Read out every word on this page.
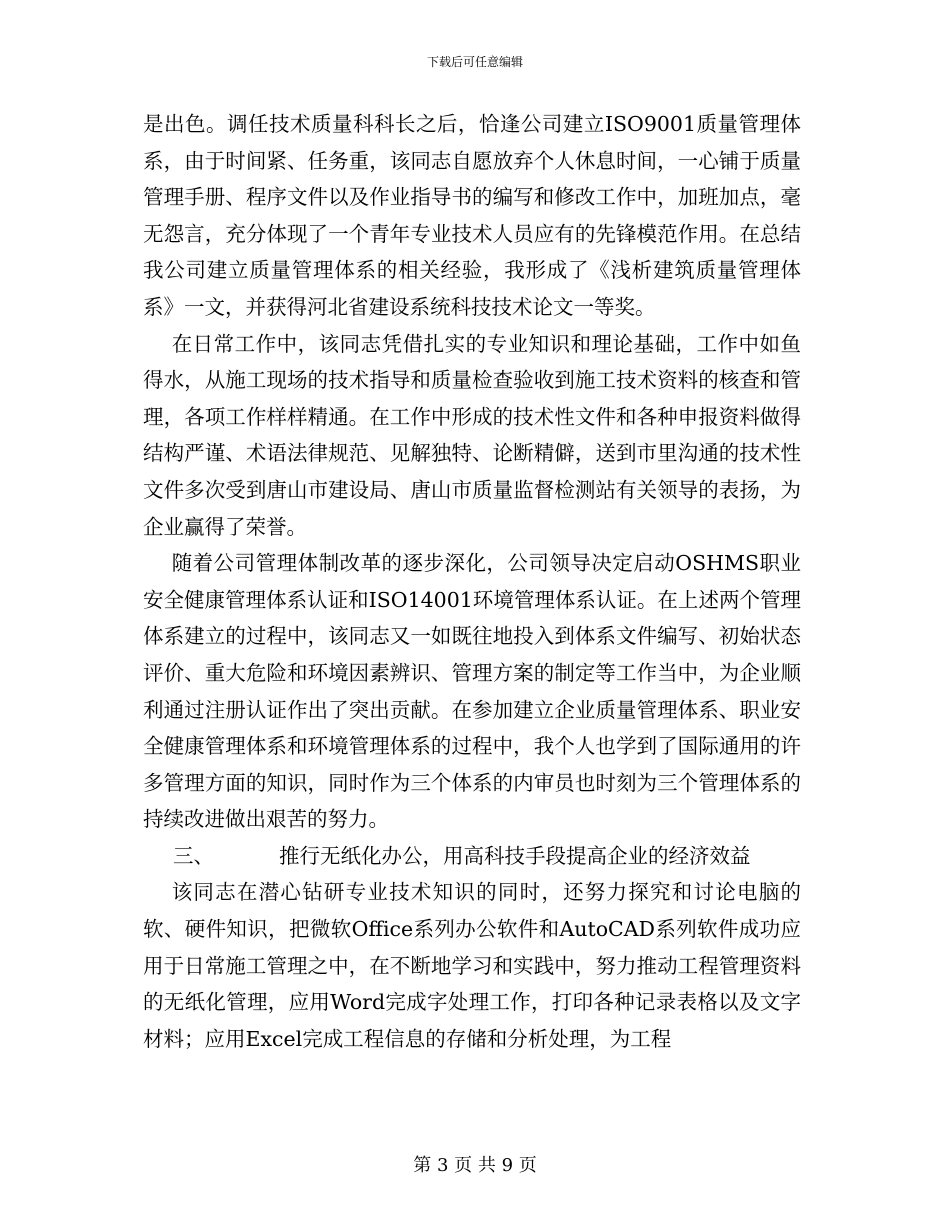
下载后可任意编辑

是出色。调任技术质量科科长之后，恰逢公司建立ISO9001质量管理体系，由于时间紧、任务重，该同志自愿放弃个人休息时间，一心铺于质量管理手册、程序文件以及作业指导书的编写和修改工作中，加班加点，毫无怨言，充分体现了一个青年专业技术人员应有的先锋模范作用。在总结我公司建立质量管理体系的相关经验，我形成了《浅析建筑质量管理体系》一文，并获得河北省建设系统科技技术论文一等奖。

在日常工作中，该同志凭借扎实的专业知识和理论基础，工作中如鱼得水，从施工现场的技术指导和质量检查验收到施工技术资料的核查和管理，各项工作样样精通。在工作中形成的技术性文件和各种申报资料做得结构严谨、术语法律规范、见解独特、论断精僻，送到市里沟通的技术性文件多次受到唐山市建设局、唐山市质量监督检测站有关领导的表扬，为企业赢得了荣誉。

随着公司管理体制改革的逐步深化，公司领导决定启动OSHMS职业安全健康管理体系认证和ISO14001环境管理体系认证。在上述两个管理体系建立的过程中，该同志又一如既往地投入到体系文件编写、初始状态评价、重大危险和环境因素辨识、管理方案的制定等工作当中，为企业顺利通过注册认证作出了突出贡献。在参加建立企业质量管理体系、职业安全健康管理体系和环境管理体系的过程中，我个人也学到了国际通用的许多管理方面的知识，同时作为三个体系的内审员也时刻为三个管理体系的持续改进做出艰苦的努力。

三、	推行无纸化办公，用高科技手段提高企业的经济效益

该同志在潜心钻研专业技术知识的同时，还努力探究和讨论电脑的软、硬件知识，把微软Office系列办公软件和AutoCAD系列软件成功应用于日常施工管理之中，在不断地学习和实践中，努力推动工程管理资料的无纸化管理，应用Word完成字处理工作，打印各种记录表格以及文字材料；应用Excel完成工程信息的存储和分析处理，为工程

第 3 页 共 9 页
